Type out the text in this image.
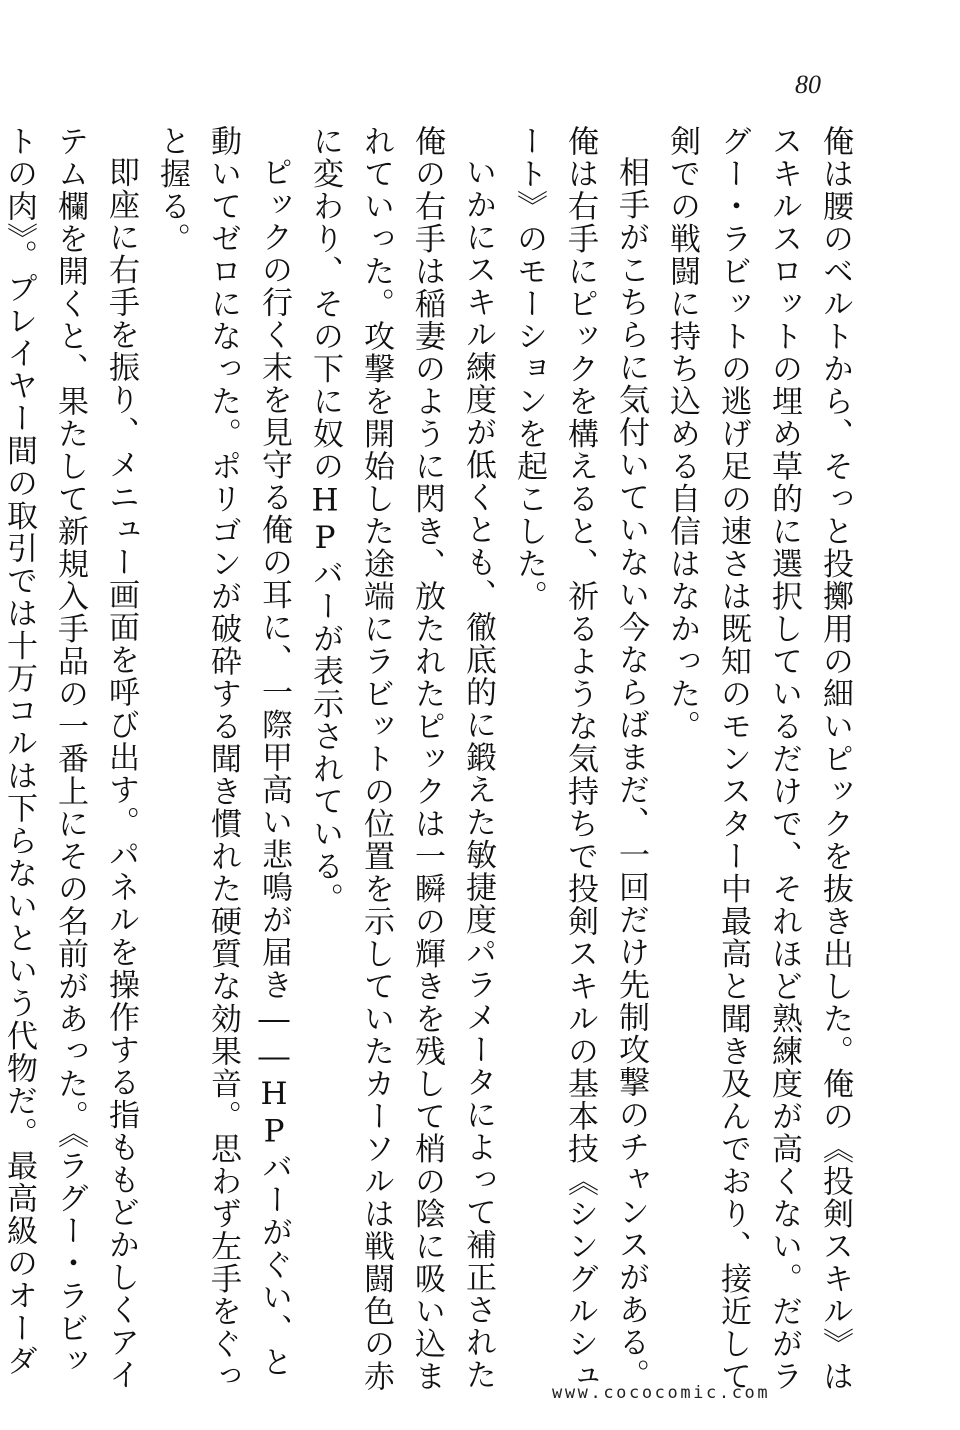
80

俺は腰のベルトから、そっと投擲用の細いピックを抜き出した。俺の《投剣スキル》はスキルスロットの埋め草的に選択しているだけで、それほど熟練度が高くない。だがラグー・ラビットの逃げ足の速さは既知のモンスター中最高と聞き及んでおり、接近して剣での戦闘に持ち込める自信はなかった。

相手がこちらに気付いていない今ならばまだ、一回だけ先制攻撃のチャンスがある。俺は右手にピックを構えると、祈るような気持ちで投剣スキルの基本技《シングルシュート》のモーションを起こした。

いかにスキル練度が低くとも、徹底的に鍛えた敏捷度パラメータによって補正された俺の右手は稲妻のように閃き、放たれたピックは一瞬の輝きを残して梢の陰に吸い込まれていった。攻撃を開始した途端にラビットの位置を示していたカーソルは戦闘色の赤に変わり、その下に奴のHPバーが表示されている。

ピックの行く末を見守る俺の耳に、一際甲高い悲鳴が届き――HPバーがぐい、と動いてゼロになった。ポリゴンが破砕する聞き慣れた硬質な効果音。思わず左手をぐっと握る。

即座に右手を振り、メニュー画面を呼び出す。パネルを操作する指ももどかしくアイテム欄を開くと、果たして新規入手品の一番上にその名前があった。《ラグー・ラビットの肉》。プレイヤー間の取引では十万コルは下らないという代物だ。最高級のオーダ

www.cococomic.com
